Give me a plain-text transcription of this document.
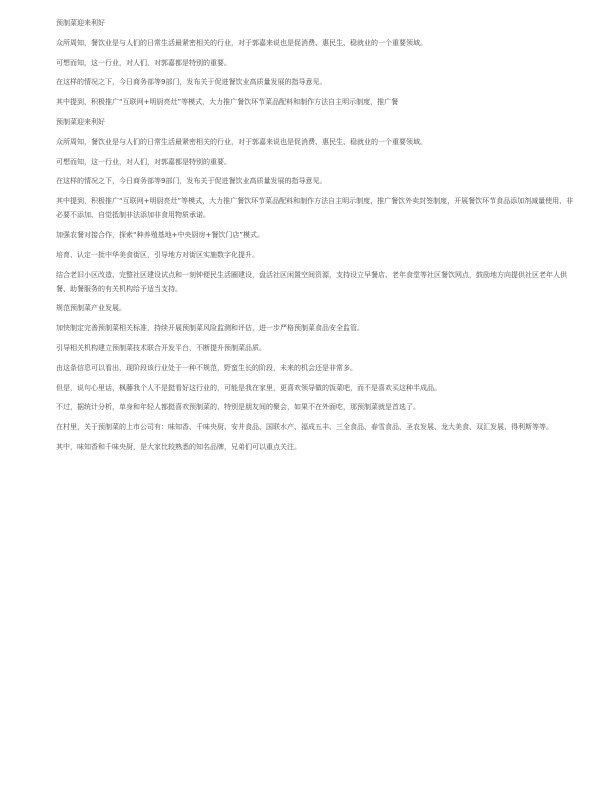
预制菜迎来利好

众所周知，餐饮业是与人们的日常生活最紧密相关的行业，对于郭嘉来说也是促消费、惠民生、稳就业的一个重要领域。

可想而知，这一行业，对人们，对郭嘉都是特别的重要。

在这样的情况之下，今日商务部等9部门，发布关于促进餐饮业高质量发展的指导意见。

其中提到，积极推广“互联网+明厨亮灶”等模式，大力推广餐饮环节菜品配料和制作方法自主明示制度，推广餐

预制菜迎来利好

众所周知，餐饮业是与人们的日常生活最紧密相关的行业，对于郭嘉来说也是促消费、惠民生、稳就业的一个重要领域。

可想而知，这一行业，对人们，对郭嘉都是特别的重要。

在这样的情况之下，今日商务部等9部门，发布关于促进餐饮业高质量发展的指导意见。

其中提到，积极推广“互联网+明厨亮灶”等模式，大力推广餐饮环节菜品配料和制作方法自主明示制度，推广餐饮外卖封签制度，开展餐饮环节食品添加剂减量使用、非必要不添加、自觉抵制非法添加非食用物质承诺。

加强农餐对接合作，探索“种养殖基地+中央厨房+餐饮门店”模式。

培育、认定一批中华美食街区，引导地方对街区实施数字化提升。

结合老旧小区改造、完整社区建设试点和一刻钟便民生活圈建设，盘活社区闲置空间资源，支持设立早餐店、老年食堂等社区餐饮网点，鼓励地方向提供社区老年人供餐、助餐服务的有关机构给予适当支持。

规范预制菜产业发展。

加快制定完善预制菜相关标准，持续开展预制菜风险监测和评估，进一步严格预制菜食品安全监管。

引导相关机构建立预制菜技术联合开发平台，不断提升预制菜品质。

由这条信息可以看出，现阶段该行业处于一种不规范，野蛮生长的阶段，未来的机会还是非常多。

但是，说句心里话，枫藤我个人不是挺看好这行业的，可能是我在家里，更喜欢领导做的饭菜吧，而不是喜欢买这种半成品。

不过，据统计分析，单身和年轻人都挺喜欢预制菜的，特别是朋友间的聚会，如果不在外面吃，那预制菜就是首选了。

在村里，关于预制菜的上市公司有：味知香、千味央厨、安井食品、国联水产、福成五丰、三全食品、春雪食品、圣农发展、龙大美食、双汇发展、得利斯等等。

其中，味知香和千味央厨，是大家比较熟悉的知名品牌，兄弟们可以重点关注。
